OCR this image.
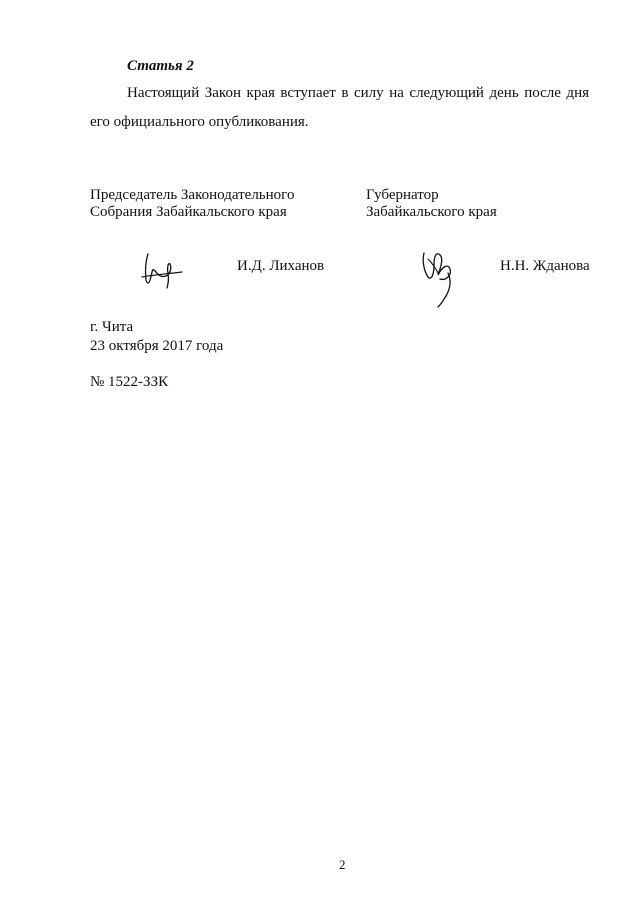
Статья 2
Настоящий Закон края вступает в силу на следующий день после дня
его официального опубликования.
Председатель Законодательного
Собрания Забайкальского края
Губернатор
Забайкальского края
И.Д. Лиханов	Н.Н. Жданова
г. Чита
23 октября 2017 года
№ 1522-ЗЗК
2
